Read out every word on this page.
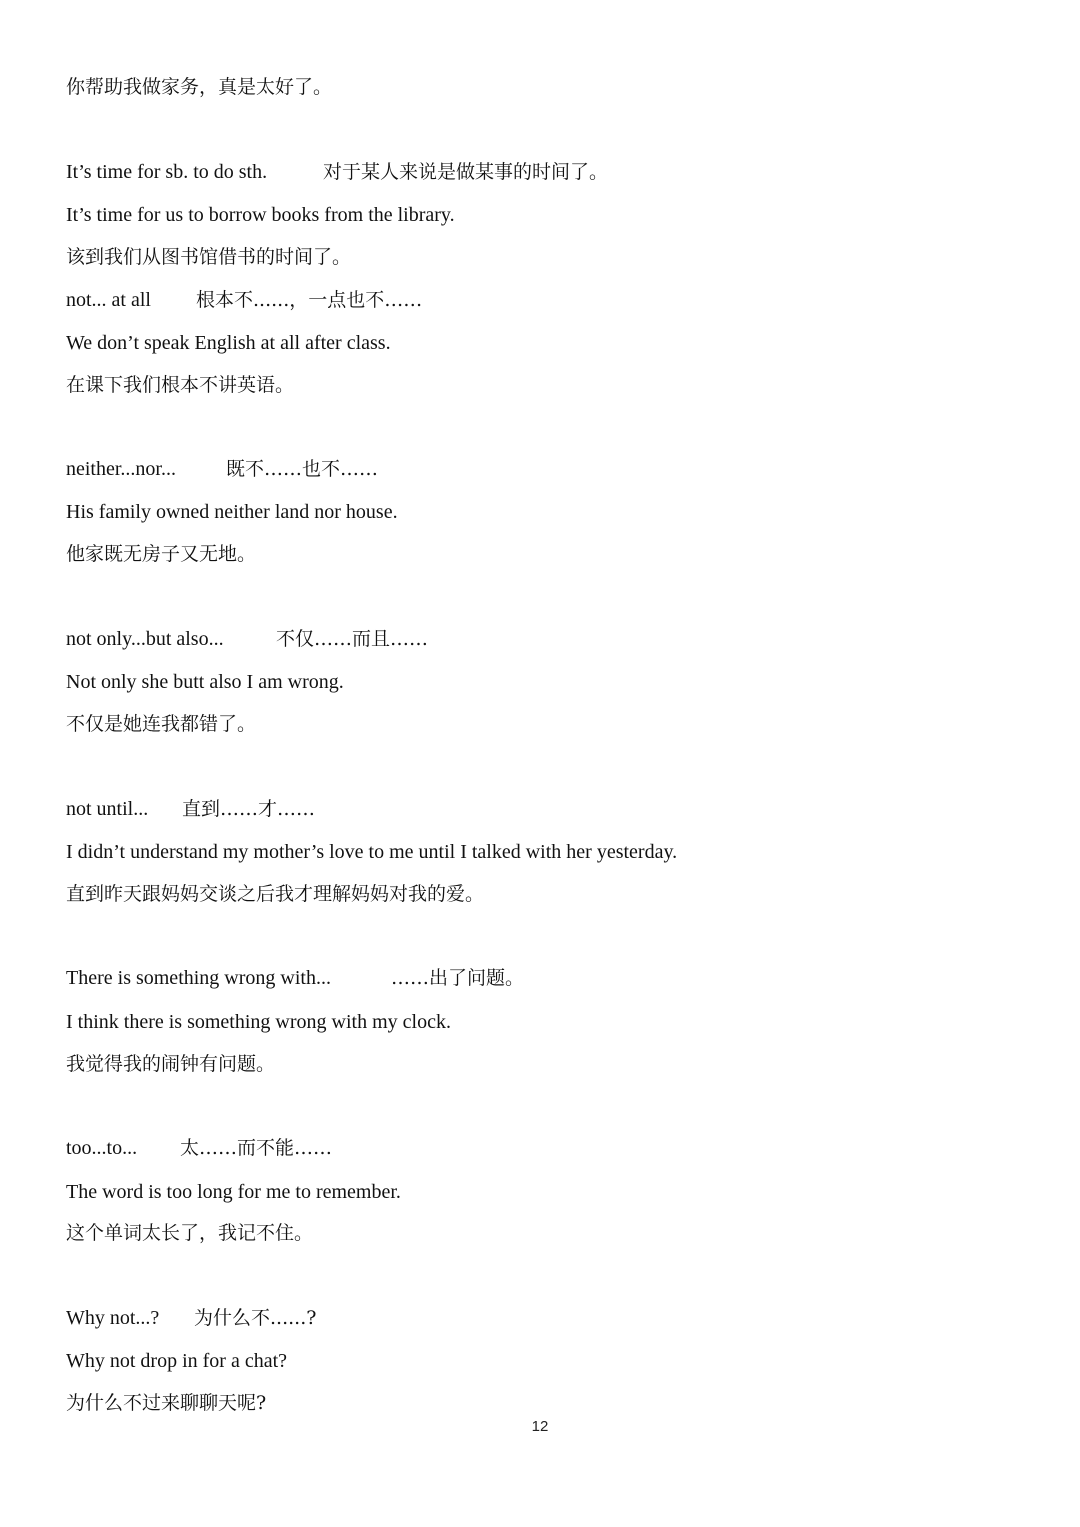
你帮助我做家务，真是太好了。
It’s time for sb. to do sth.	对于某人来说是做某事的时间了。
It’s time for us to borrow books from the library.
该到我们从图书馆借书的时间了。
not... at all 根本不......，一点也不……
We don’t speak English at all after class.
在课下我们根本不讲英语。
neither...nor...	既不……也不……
His family owned neither land nor house.
他家既无房子又无地。
not only...but also...	不仅……而且……
Not only she butt also I am wrong.
不仅是她连我都错了。
not until... 直到……才……
I didn’t understand my mother’s love to me until I talked with her yesterday.
直到昨天跟妈妈交谈之后我才理解妈妈对我的爱。
There is something wrong with...	……出了问题。
I think there is something wrong with my clock.
我觉得我的闹钟有问题。
too...to... 太……而不能……
The word is too long for me to remember.
这个单词太长了，我记不住。
Why not...? 为什么不......?
Why not drop in for a chat?
为什么不过来聊聊天呢?
12
